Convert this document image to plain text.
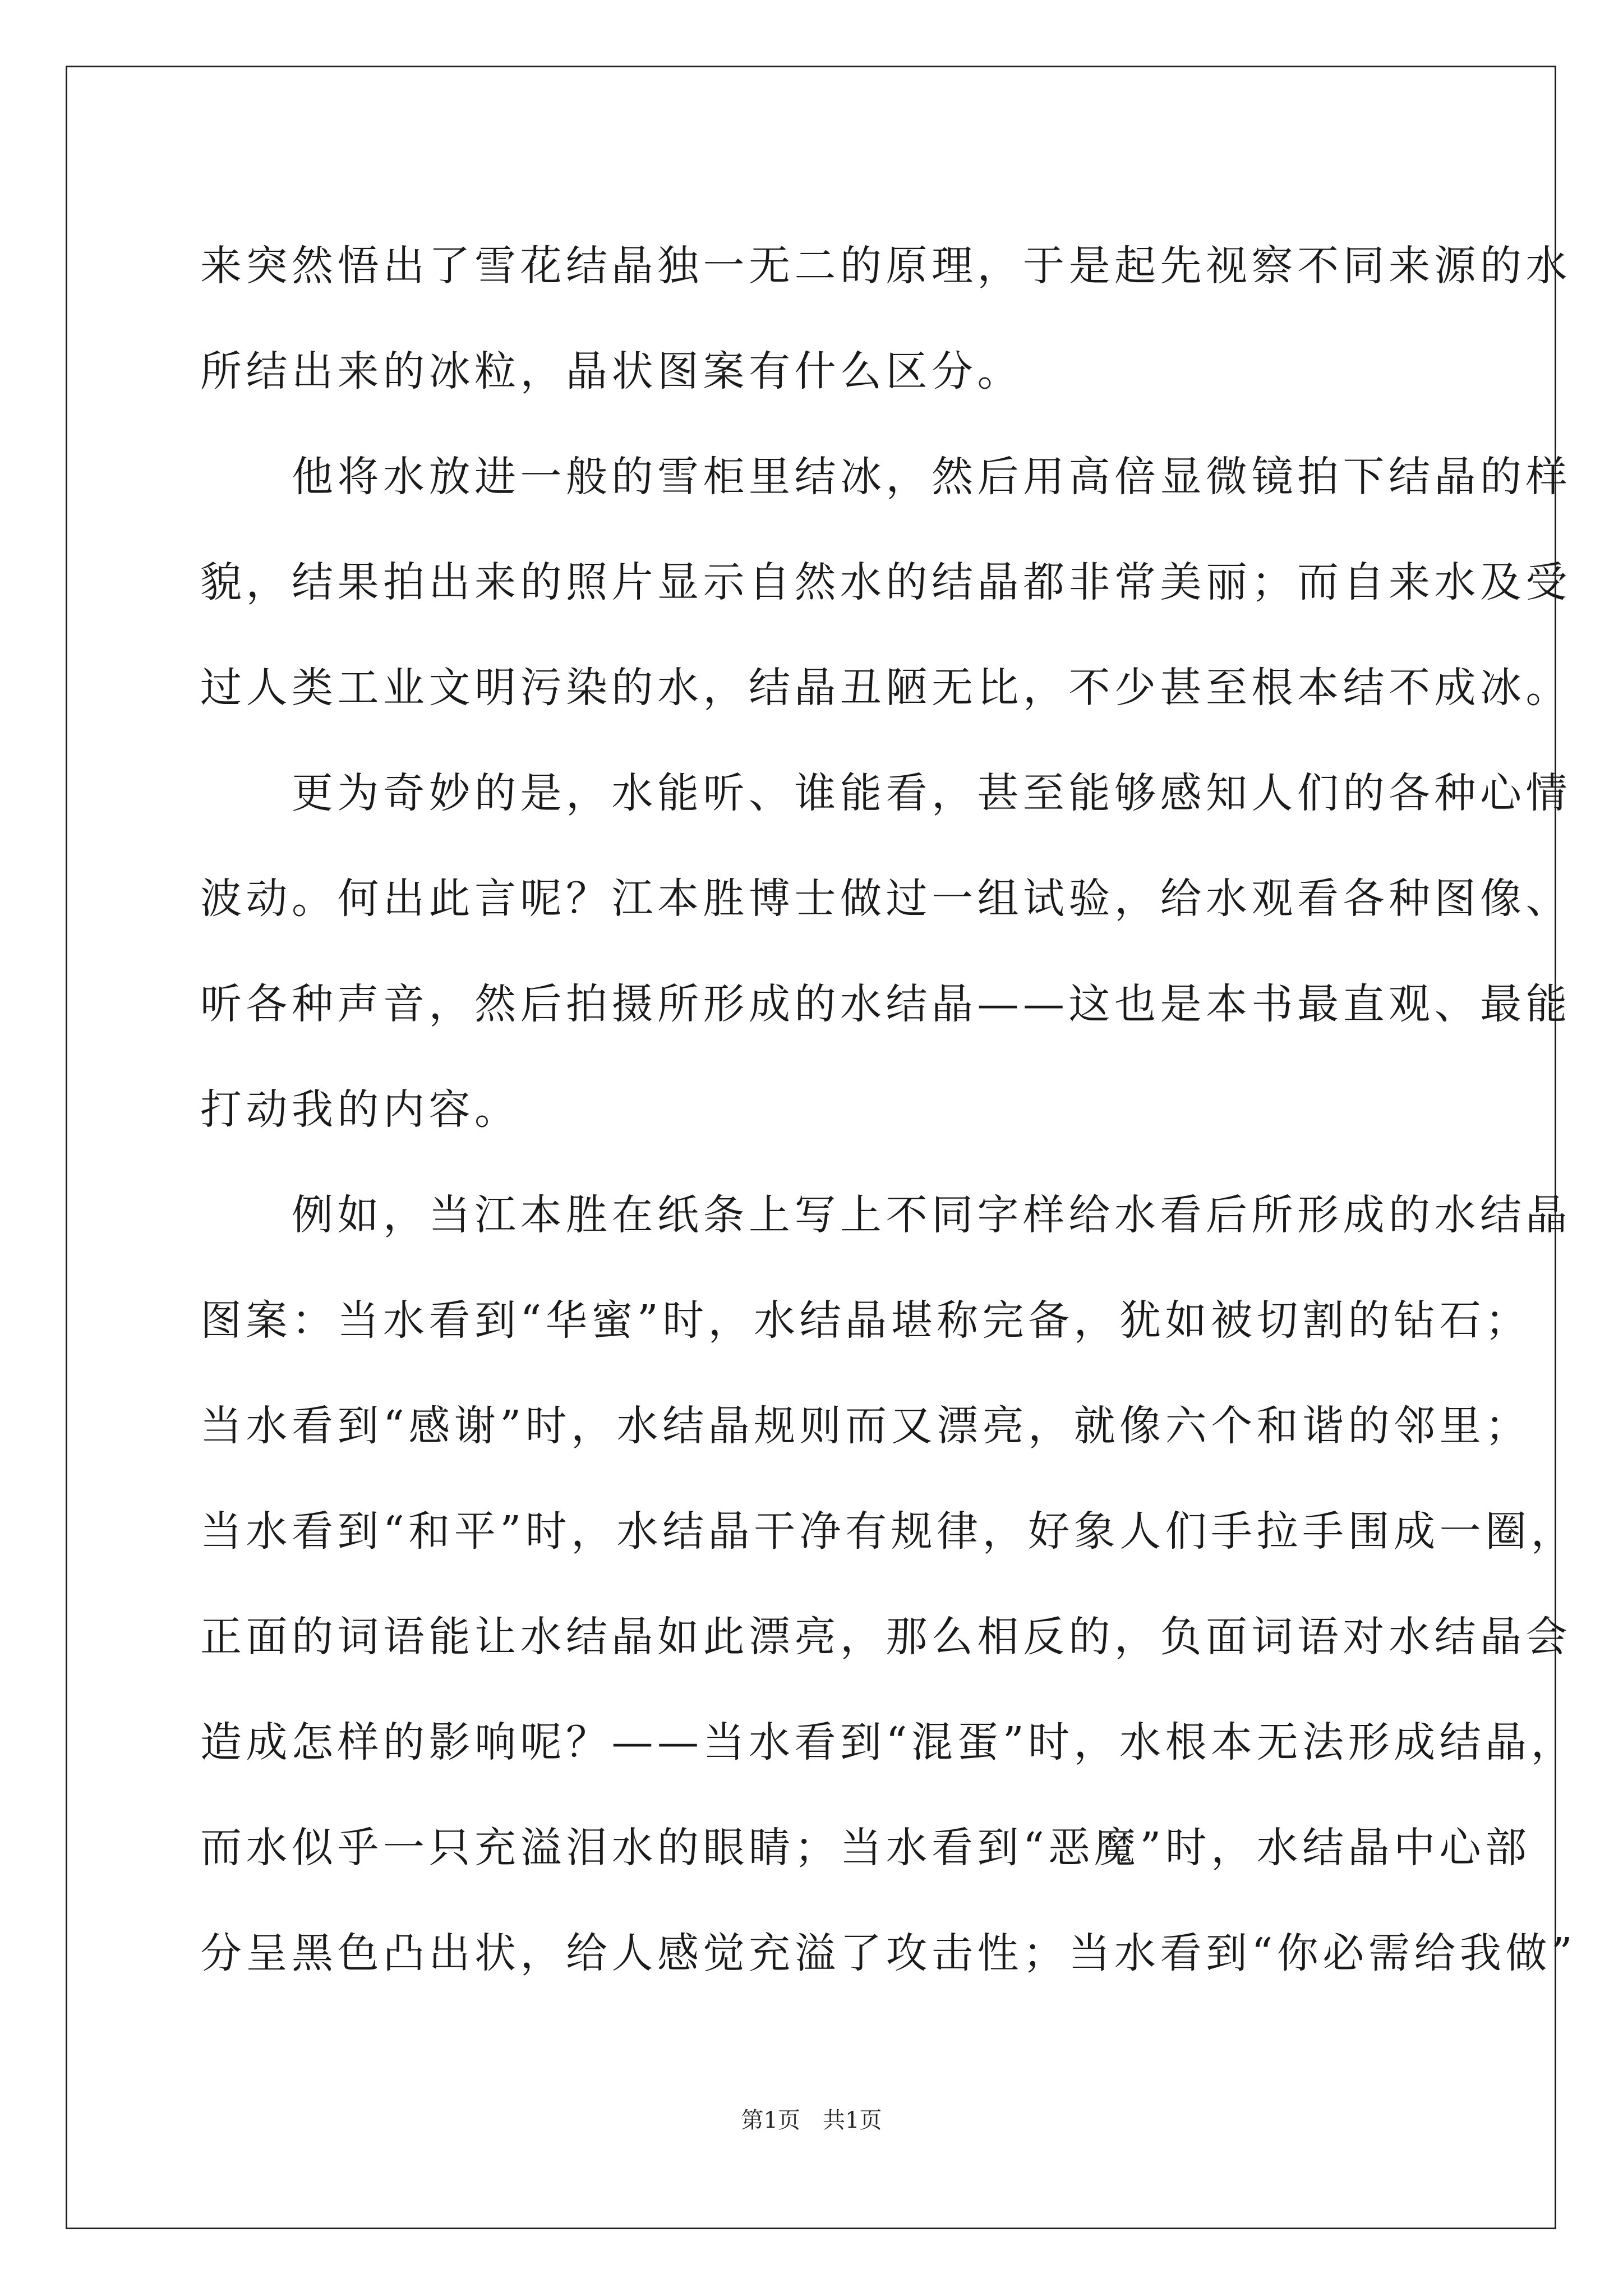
来突然悟出了雪花结晶独一无二的原理，于是起先视察不同来源的水
所结出来的冰粒，晶状图案有什么区分。
　　他将水放进一般的雪柜里结冰，然后用高倍显微镜拍下结晶的样
貌，结果拍出来的照片显示自然水的结晶都非常美丽；而自来水及受
过人类工业文明污染的水，结晶丑陋无比，不少甚至根本结不成冰。
　　更为奇妙的是，水能听、谁能看，甚至能够感知人们的各种心情
波动。何出此言呢？江本胜博士做过一组试验，给水观看各种图像、
听各种声音，然后拍摄所形成的水结晶——这也是本书最直观、最能
打动我的内容。
　　例如，当江本胜在纸条上写上不同字样给水看后所形成的水结晶
图案：当水看到“华蜜”时，水结晶堪称完备，犹如被切割的钻石；
当水看到“感谢”时，水结晶规则而又漂亮，就像六个和谐的邻里；
当水看到“和平”时，水结晶干净有规律，好象人们手拉手围成一圈，
正面的词语能让水结晶如此漂亮，那么相反的，负面词语对水结晶会
造成怎样的影响呢？——当水看到“混蛋”时，水根本无法形成结晶，
而水似乎一只充溢泪水的眼睛；当水看到“恶魔”时，水结晶中心部
分呈黑色凸出状，给人感觉充溢了攻击性；当水看到“你必需给我做”
第1页　共1页
